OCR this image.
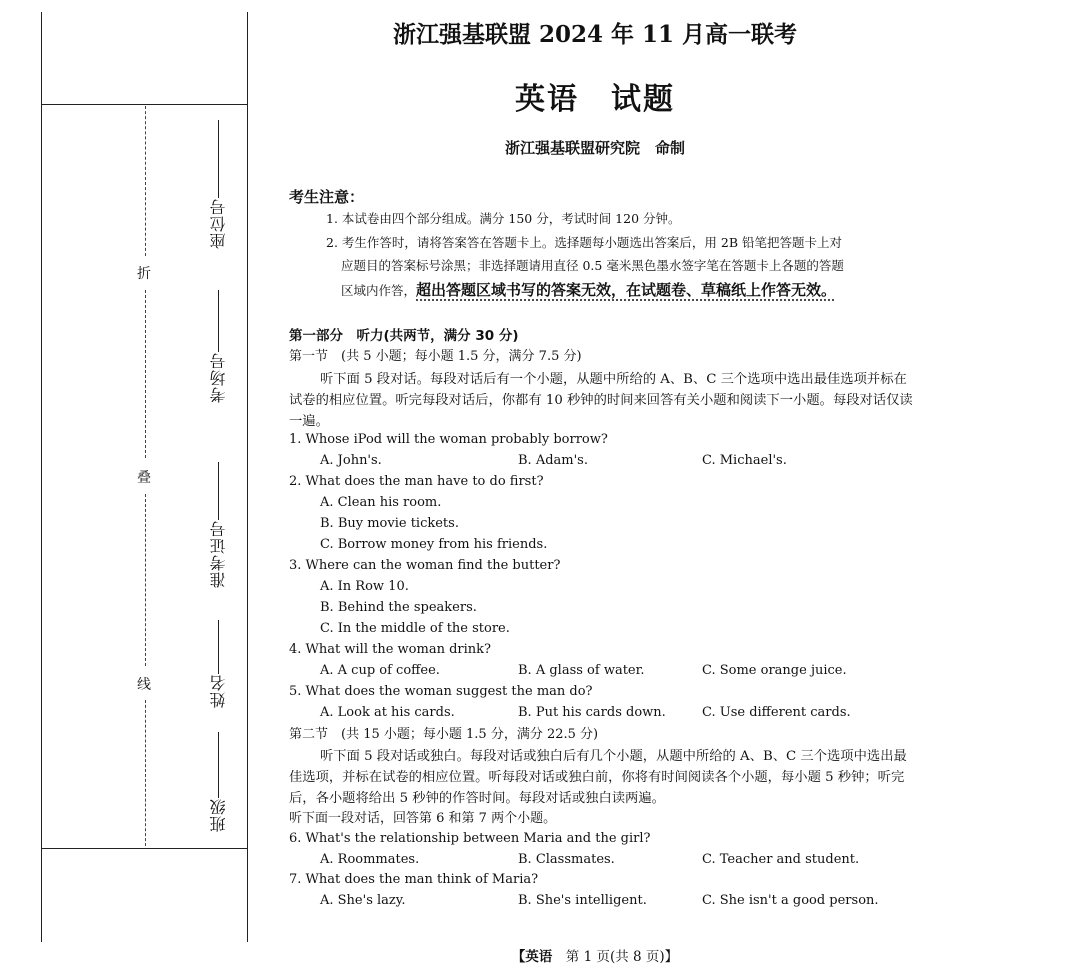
折
叠
线
座位号
考场号
准考证号
姓名
班级
浙江强基联盟 2024 年 11 月高一联考
英语 试题
浙江强基联盟研究院　命制
考生注意：
1. 本试卷由四个部分组成。满分 150 分，考试时间 120 分钟。
2. 考生作答时，请将答案答在答题卡上。选择题每小题选出答案后，用 2B 铅笔把答题卡上对
应题目的答案标号涂黑；非选择题请用直径 0.5 毫米黑色墨水签字笔在答题卡上各题的答题
区域内作答，超出答题区域书写的答案无效，在试题卷、草稿纸上作答无效。
第一部分　听力(共两节，满分 30 分)
第一节　(共 5 小题；每小题 1.5 分，满分 7.5 分)
听下面 5 段对话。每段对话后有一个小题，从题中所给的 A、B、C 三个选项中选出最佳选项并标在试卷的相应位置。听完每段对话后，你都有 10 秒钟的时间来回答有关小题和阅读下一小题。每段对话仅读一遍。
1. Whose iPod will the woman probably borrow?
A. John's.	B. Adam's.	C. Michael's.
2. What does the man have to do first?
A. Clean his room.
B. Buy movie tickets.
C. Borrow money from his friends.
3. Where can the woman find the butter?
A. In Row 10.
B. Behind the speakers.
C. In the middle of the store.
4. What will the woman drink?
A. A cup of coffee.	B. A glass of water.	C. Some orange juice.
5. What does the woman suggest the man do?
A. Look at his cards.	B. Put his cards down.	C. Use different cards.
第二节　(共 15 小题；每小题 1.5 分，满分 22.5 分)
听下面 5 段对话或独白。每段对话或独白后有几个小题，从题中所给的 A、B、C 三个选项中选出最佳选项，并标在试卷的相应位置。听每段对话或独白前，你将有时间阅读各个小题，每小题 5 秒钟；听完后，各小题将给出 5 秒钟的作答时间。每段对话或独白读两遍。
听下面一段对话，回答第 6 和第 7 两个小题。
6. What's the relationship between Maria and the girl?
A. Roommates.	B. Classmates.	C. Teacher and student.
7. What does the man think of Maria?
A. She's lazy.	B. She's intelligent.	C. She isn't a good person.
【英语　第 1 页(共 8 页)】
